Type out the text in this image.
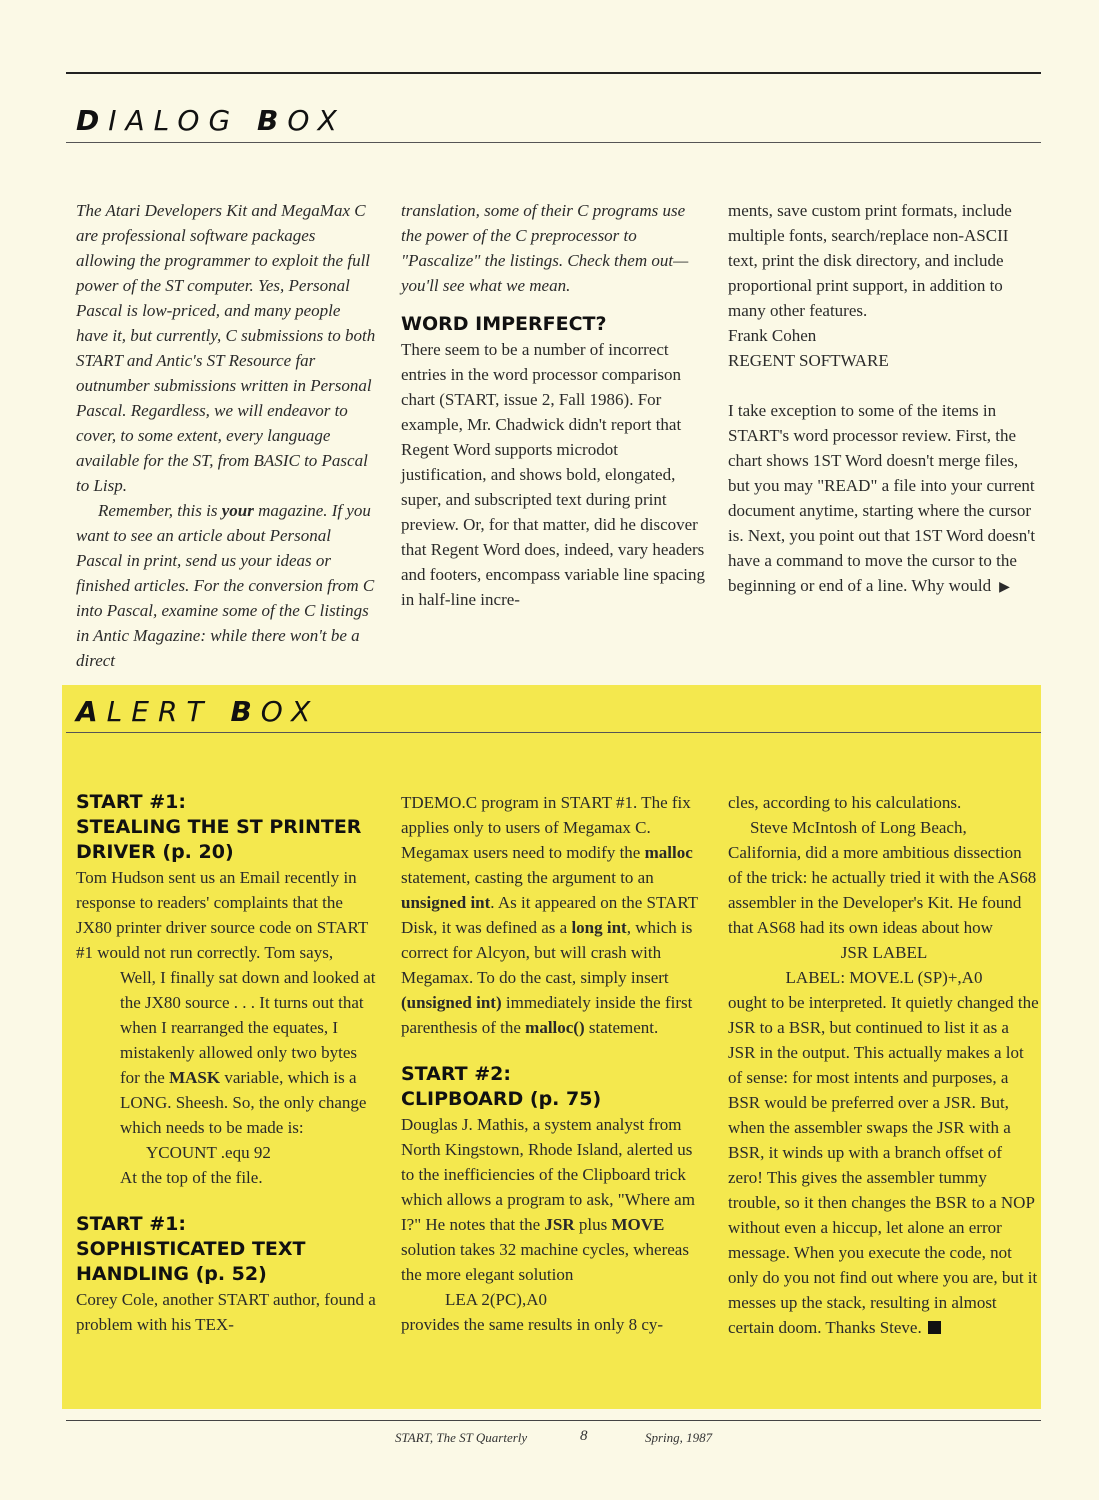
DIALOG BOX

The Atari Developers Kit and MegaMax C are professional software packages allowing the programmer to exploit the full power of the ST computer. Yes, Personal Pascal is low-priced, and many people have it, but currently, C submissions to both START and Antic's ST Resource far outnumber submissions written in Personal Pascal. Regardless, we will endeavor to cover, to some extent, every language available for the ST, from BASIC to Pascal to Lisp.

Remember, this is your magazine. If you want to see an article about Personal Pascal in print, send us your ideas or finished articles. For the conversion from C into Pascal, examine some of the C listings in Antic Magazine: while there won't be a direct

translation, some of their C programs use the power of the C preprocessor to "Pascalize" the listings. Check them out—you'll see what we mean.

WORD IMPERFECT?

There seem to be a number of incorrect entries in the word processor comparison chart (START, issue 2, Fall 1986). For example, Mr. Chadwick didn't report that Regent Word supports microdot justification, and shows bold, elongated, super, and subscripted text during print preview. Or, for that matter, did he discover that Regent Word does, indeed, vary headers and footers, encompass variable line spacing in half-line incre-

ments, save custom print formats, include multiple fonts, search/replace non-ASCII text, print the disk directory, and include proportional print support, in addition to many other features.

Frank Cohen

REGENT SOFTWARE

I take exception to some of the items in START's word processor review. First, the chart shows 1ST Word doesn't merge files, but you may "READ" a file into your current document anytime, starting where the cursor is. Next, you point out that 1ST Word doesn't have a command to move the cursor to the beginning or end of a line. Why would ▶

ALERT BOX
START #1:
STEALING THE ST PRINTER DRIVER (p. 20)

Tom Hudson sent us an Email recently in response to readers' complaints that the JX80 printer driver source code on START #1 would not run correctly. Tom says,

Well, I finally sat down and looked at the JX80 source . . . It turns out that when I rearranged the equates, I mistakenly allowed only two bytes for the MASK variable, which is a LONG. Sheesh. So, the only change which needs to be made is:

YCOUNT .equ 92

At the top of the file.

START #1:
SOPHISTICATED TEXT HANDLING (p. 52)

Corey Cole, another START author, found a problem with his TEX-

TDEMO.C program in START #1. The fix applies only to users of Megamax C. Megamax users need to modify the malloc statement, casting the argument to an unsigned int. As it appeared on the START Disk, it was defined as a long int, which is correct for Alcyon, but will crash with Megamax. To do the cast, simply insert (unsigned int) immediately inside the first parenthesis of the malloc() statement.

START #2:
CLIPBOARD (p. 75)

Douglas J. Mathis, a system analyst from North Kingstown, Rhode Island, alerted us to the inefficiencies of the Clipboard trick which allows a program to ask, "Where am I?" He notes that the JSR plus MOVE solution takes 32 machine cycles, whereas the more elegant solution

LEA 2(PC),A0

provides the same results in only 8 cy-

cles, according to his calculations.

Steve McIntosh of Long Beach, California, did a more ambitious dissection of the trick: he actually tried it with the AS68 assembler in the Developer's Kit. He found that AS68 had its own ideas about how

JSR LABEL

LABEL: MOVE.L (SP)+,A0

ought to be interpreted. It quietly changed the JSR to a BSR, but continued to list it as a JSR in the output. This actually makes a lot of sense: for most intents and purposes, a BSR would be preferred over a JSR. But, when the assembler swaps the JSR with a BSR, it winds up with a branch offset of zero! This gives the assembler tummy trouble, so it then changes the BSR to a NOP without even a hiccup, let alone an error message. When you execute the code, not only do you not find out where you are, but it messes up the stack, resulting in almost certain doom. Thanks Steve.

START, The ST Quarterly	8	Spring, 1987
